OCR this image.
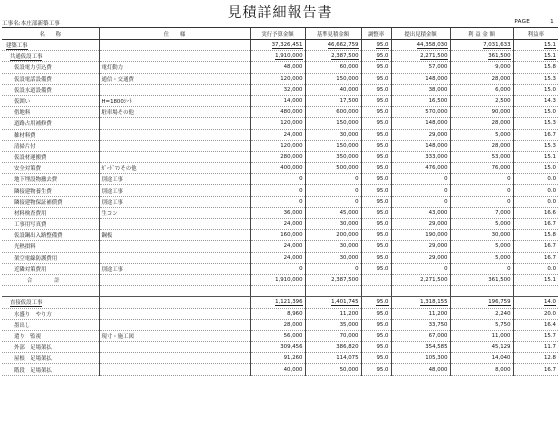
見積詳細報告書
工事名:本庄部新築工事	PAGE	1
名　　称	仕　　様	実行予算金額	基準見積金額	調整率	提出見積金額	利 益 金 額	利益率
建築工事		37,326,451	46,662,759	95.0	44,358,030	7,031,633	15.1
共通仮設工事		1,910,000	2,387,500	95.0	2,271,500	361,500	15.1
仮設電力引込費	電灯動力	48,000	60,000	95.0	57,000	9,000	15.8
仮設電話設備費	通信・交通費	120,000	150,000	95.0	148,000	28,000	15.3
仮設水道設備費		32,000	40,000	95.0	38,000	6,000	15.0
仮囲い	H=1800ｼｰﾄ	14,000	17,500	95.0	16,500	2,500	14.3
借地料	駐車場その他	480,000	600,000	95.0	570,000	90,000	15.0
道路占用補修費		120,000	150,000	95.0	148,000	28,000	15.3
雑材料費		24,000	30,000	95.0	29,000	5,000	16.7
清掃片付		120,000	150,000	95.0	148,000	28,000	15.3
仮設材運搬費		280,000	350,000	95.0	333,000	53,000	15.1
安全対策費	ｶﾞｰﾄﾞﾏﾝその他	400,000	500,000	95.0	476,000	76,000	15.0
地下埋設物撤去費	別途工事	0	0	95.0	0	0	0.0
隣接建物養生費	別途工事	0	0	95.0	0	0	0.0
隣接建物保証補償費	別途工事	0	0	95.0	0	0	0.0
材料検査費用	生コン	36,000	45,000	95.0	43,000	7,000	16.6
工事用写真費		24,000	30,000	95.0	29,000	5,000	16.7
仮設鋼出入路整備費	鋼板	160,000	200,000	95.0	190,000	30,000	15.8
光熱損料		24,000	30,000	95.0	29,000	5,000	16.7
架空電線防護費用		24,000	30,000	95.0	29,000	5,000	16.7
近隣対策費用	別途工事	0	0	95.0	0	0	0.0
合計		1,910,000	2,387,500		2,271,500	361,500	15.1

直接仮設工事		1,121,396	1,401,745	95.0	1,318,155	196,759	14.0
水盛り　やり方		8,960	11,200	95.0	11,200	2,240	20.0
墨出し		28,000	35,000	95.0	33,750	5,750	16.4
遣り　監視	現寸・施工図	56,000	70,000	95.0	67,000	11,000	15.7
外部　足場架払		309,456	386,820	95.0	354,585	45,129	11.7
屋根　足場架払		91,260	114,075	95.0	105,300	14,040	12.8
階段　足場架払		40,000	50,000	95.0	48,000	8,000	16.7
